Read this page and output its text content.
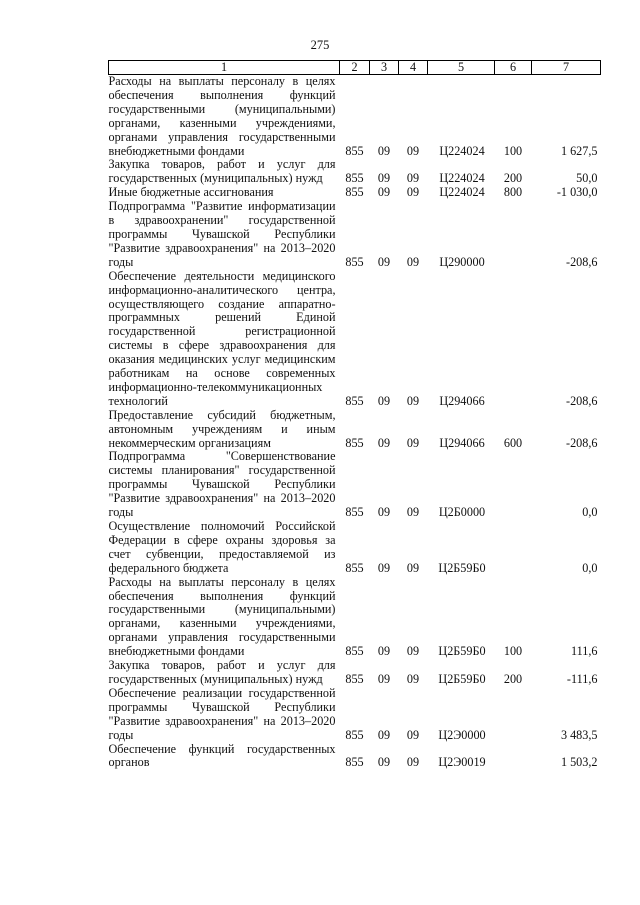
275
1	2	3	4	5	6	7
Расходы на выплаты персоналу в целях обеспечения выполнения функций государственными (муниципальными) органами, казенными учреждениями, органами управления государственными внебюджетными фондами	855	09	09	Ц224024	100	1 627,5
Закупка товаров, работ и услуг для государственных (муниципальных) нужд	855	09	09	Ц224024	200	50,0
Иные бюджетные ассигнования	855	09	09	Ц224024	800	-1 030,0
Подпрограмма "Развитие информатизации в здравоохранении" государственной программы Чувашской Республики "Развитие здравоохранения" на 2013–2020 годы	855	09	09	Ц290000		-208,6
Обеспечение деятельности медицинского информационно-аналитического центра, осуществляющего создание аппаратно-программных решений Единой государственной регистрационной системы в сфере здравоохранения для оказания медицинских услуг медицинским работникам на основе современных информационно-телекоммуникационных технологий	855	09	09	Ц294066		-208,6
Предоставление субсидий бюджетным, автономным учреждениям и иным некоммерческим организациям	855	09	09	Ц294066	600	-208,6
Подпрограмма "Совершенствование системы планирования" государственной программы Чувашской Республики "Развитие здравоохранения" на 2013–2020 годы	855	09	09	Ц2Б0000		0,0
Осуществление полномочий Российской Федерации в сфере охраны здоровья за счет субвенции, предоставляемой из федерального бюджета	855	09	09	Ц2Б59Б0		0,0
Расходы на выплаты персоналу в целях обеспечения выполнения функций государственными (муниципальными) органами, казенными учреждениями, органами управления государственными внебюджетными фондами	855	09	09	Ц2Б59Б0	100	111,6
Закупка товаров, работ и услуг для государственных (муниципальных) нужд	855	09	09	Ц2Б59Б0	200	-111,6
Обеспечение реализации государственной программы Чувашской Республики "Развитие здравоохранения" на 2013–2020 годы	855	09	09	Ц2Э0000		3 483,5
Обеспечение функций государственных органов	855	09	09	Ц2Э0019		1 503,2
